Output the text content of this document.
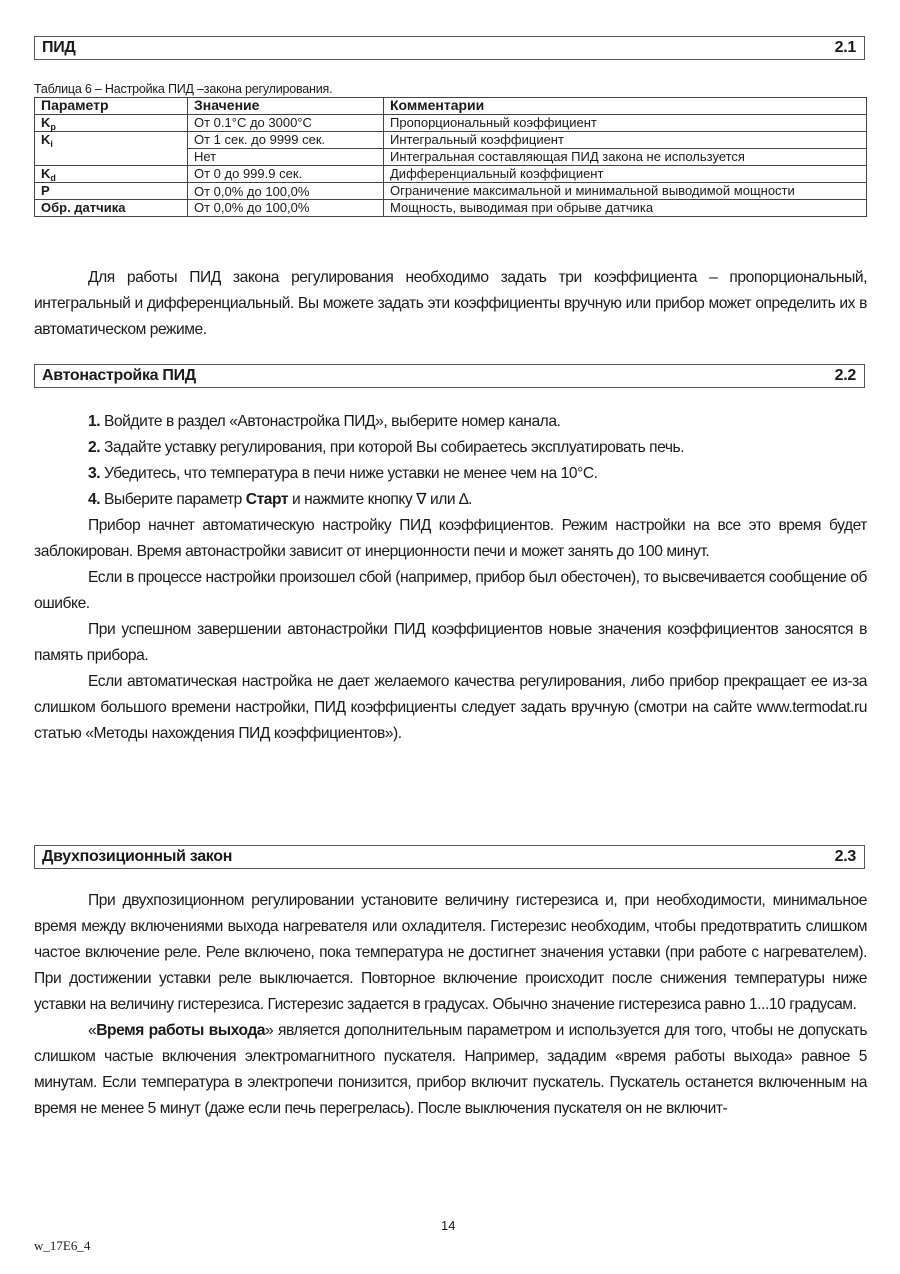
ПИД	2.1
Таблица 6 – Настройка ПИД –закона регулирования.
Параметр	Значение	Комментарии
$K_p$	От 0.1°С до 3000°С	Пропорциональный коэффициент
$K_i$	От 1 сек. до 9999 сек.	Интегральный коэффициент
	Нет	Интегральная составляющая ПИД закона не используется
$K_d$	От 0 до 999.9 сек.	Дифференциальный коэффициент
P	От 0,0% до 100,0%	Ограничение максимальной и минимальной выводимой мощности
Обр. датчика	От 0,0% до 100,0%	Мощность, выводимая при обрыве датчика

Для работы ПИД закона регулирования необходимо задать три коэффициента – пропорциональный, интегральный и дифференциальный. Вы можете задать эти коэффициенты вручную или прибор может определить их в автоматическом режиме.

Автонастройка ПИД	2.2

1. Войдите в раздел «Автонастройка ПИД», выберите номер канала.

2. Задайте уставку регулирования, при которой Вы собираетесь эксплуатировать печь.

3. Убедитесь, что температура в печи ниже уставки не менее чем на 10°С.

4. Выберите параметр Старт и нажмите кнопку ∇ или ∆.

Прибор начнет автоматическую настройку ПИД коэффициентов. Режим настройки на все это время будет заблокирован. Время автонастройки зависит от инерционности печи и может занять до 100 минут.

Если в процессе настройки произошел сбой (например, прибор был обесточен), то высвечивается сообщение об ошибке.

При успешном завершении автонастройки ПИД коэффициентов новые значения коэффициентов заносятся в память прибора.

Если автоматическая настройка не дает желаемого качества регулирования, либо прибор прекращает ее из-за слишком большого времени настройки, ПИД коэффициенты следует задать вручную (смотри на сайте www.termodat.ru статью «Методы нахождения ПИД коэффициентов»).

Двухпозиционный закон	2.3

При двухпозиционном регулировании установите величину гистерезиса и, при необходимости, минимальное время между включениями выхода нагревателя или охладителя. Гистерезис необходим, чтобы предотвратить слишком частое включение реле. Реле включено, пока температура не достигнет значения уставки (при работе с нагревателем). При достижении уставки реле выключается. Повторное включение происходит после снижения температуры ниже уставки на величину гистерезиса. Гистерезис задается в градусах. Обычно значение гистерезиса равно 1...10 градусам.

«Время работы выхода» является дополнительным параметром и используется для того, чтобы не допускать слишком частые включения электромагнитного пускателя. Например, зададим «время работы выхода» равное 5 минутам. Если температура в электропечи понизится, прибор включит пускатель. Пускатель останется включенным на время не менее 5 минут (даже если печь перегрелась). После выключения пускателя он не включит-

14
w_17E6_4
